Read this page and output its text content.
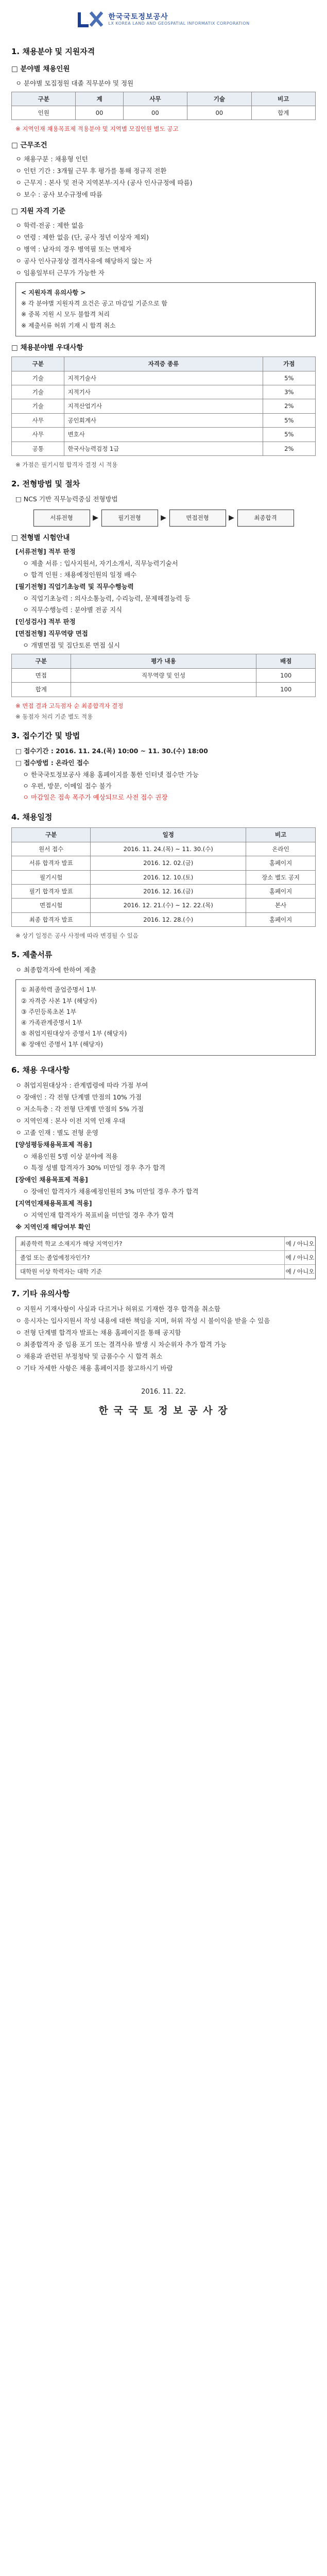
한국국토정보공사
LX KOREA LAND AND GEOSPATIAL INFORMATIX CORPORATION
1. 채용분야 및 지원자격
□ 분야별 채용인원

ㅇ 분야별 모집정원 대졸 직무분야 및 정원

구분	계	사무	기술	비고
인원	00	00	00	합계

※ 지역인재 채용목표제 적용분야 및 지역별 모집인원 별도 공고

□ 근무조건

ㅇ 채용구분 : 채용형 인턴

ㅇ 인턴 기간 : 3개월 근무 후 평가를 통해 정규직 전환

ㅇ 근무지 : 본사 및 전국 지역본부·지사 (공사 인사규정에 따름)

ㅇ 보수 : 공사 보수규정에 따름

□ 지원 자격 기준

ㅇ 학력·전공 : 제한 없음

ㅇ 연령 : 제한 없음 (단, 공사 정년 이상자 제외)

ㅇ 병역 : 남자의 경우 병역필 또는 면제자

ㅇ 공사 인사규정상 결격사유에 해당하지 않는 자

ㅇ 임용일부터 근무가 가능한 자

< 지원자격 유의사항 >

※ 각 분야별 지원자격 요건은 공고 마감일 기준으로 함

※ 중복 지원 시 모두 불합격 처리

※ 제출서류 허위 기재 시 합격 취소

□ 채용분야별 우대사항
구분	자격증 종류	가점
기술	지적기술사	5%
기술	지적기사	3%
기술	지적산업기사	2%
사무	공인회계사	5%
사무	변호사	5%
공통	한국사능력검정 1급	2%

※ 가점은 필기시험 합격자 결정 시 적용

2. 전형방법 및 절차

□ NCS 기반 직무능력중심 전형방법

서류전형	▶	필기전형	▶	면접전형	▶	최종합격
□ 전형별 시험안내

[서류전형] 적부 판정

ㅇ 제출 서류 : 입사지원서, 자기소개서, 직무능력기술서

ㅇ 합격 인원 : 채용예정인원의 일정 배수

[필기전형] 직업기초능력 및 직무수행능력

ㅇ 직업기초능력 : 의사소통능력, 수리능력, 문제해결능력 등

ㅇ 직무수행능력 : 분야별 전공 지식

[인성검사] 적부 판정

[면접전형] 직무역량 면접

ㅇ 개별면접 및 집단토론 면접 실시

구분	평가 내용	배점
면접	직무역량 및 인성	100
합계		100

※ 면접 결과 고득점자 순 최종합격자 결정

※ 동점자 처리 기준 별도 적용

3. 접수기간 및 방법

□ 접수기간 : 2016. 11. 24.(목) 10:00 ~ 11. 30.(수) 18:00

□ 접수방법 : 온라인 접수

ㅇ 한국국토정보공사 채용 홈페이지를 통한 인터넷 접수만 가능

ㅇ 우편, 방문, 이메일 접수 불가

ㅇ 마감일은 접속 폭주가 예상되므로 사전 접수 권장

4. 채용일정
구분	일정	비고
원서 접수	2016. 11. 24.(목) ~ 11. 30.(수)	온라인
서류 합격자 발표	2016. 12. 02.(금)	홈페이지
필기시험	2016. 12. 10.(토)	장소 별도 공지
필기 합격자 발표	2016. 12. 16.(금)	홈페이지
면접시험	2016. 12. 21.(수) ~ 12. 22.(목)	본사
최종 합격자 발표	2016. 12. 28.(수)	홈페이지

※ 상기 일정은 공사 사정에 따라 변경될 수 있음

5. 제출서류

ㅇ 최종합격자에 한하여 제출

① 최종학력 졸업증명서 1부

② 자격증 사본 1부 (해당자)

③ 주민등록초본 1부

④ 가족관계증명서 1부

⑤ 취업지원대상자 증명서 1부 (해당자)

⑥ 장애인 증명서 1부 (해당자)

6. 채용 우대사항

ㅇ 취업지원대상자 : 관계법령에 따라 가점 부여

ㅇ 장애인 : 각 전형 단계별 만점의 10% 가점

ㅇ 저소득층 : 각 전형 단계별 만점의 5% 가점

ㅇ 지역인재 : 본사 이전 지역 인재 우대

ㅇ 고졸 인재 : 별도 전형 운영

[양성평등채용목표제 적용]

ㅇ 채용인원 5명 이상 분야에 적용

ㅇ 특정 성별 합격자가 30% 미만일 경우 추가 합격

[장애인 채용목표제 적용]

ㅇ 장애인 합격자가 채용예정인원의 3% 미만일 경우 추가 합격

[지역인재채용목표제 적용]

ㅇ 지역인재 합격자가 목표비율 미만일 경우 추가 합격

※ 지역인재 해당여부 확인

최종학력 학교 소재지가 해당 지역인가?	예 / 아니오
졸업 또는 졸업예정자인가?	예 / 아니오
대학원 이상 학력자는 대학 기준	예 / 아니오
7. 기타 유의사항

ㅇ 지원서 기재사항이 사실과 다르거나 허위로 기재한 경우 합격을 취소함

ㅇ 응시자는 입사지원서 작성 내용에 대한 책임을 지며, 허위 작성 시 불이익을 받을 수 있음

ㅇ 전형 단계별 합격자 발표는 채용 홈페이지를 통해 공지함

ㅇ 최종합격자 중 임용 포기 또는 결격사유 발생 시 차순위자 추가 합격 가능

ㅇ 채용과 관련된 부정청탁 및 금품수수 시 합격 취소

ㅇ 기타 자세한 사항은 채용 홈페이지를 참고하시기 바람

2016. 11. 22.
한 국 국 토 정 보 공 사 장
